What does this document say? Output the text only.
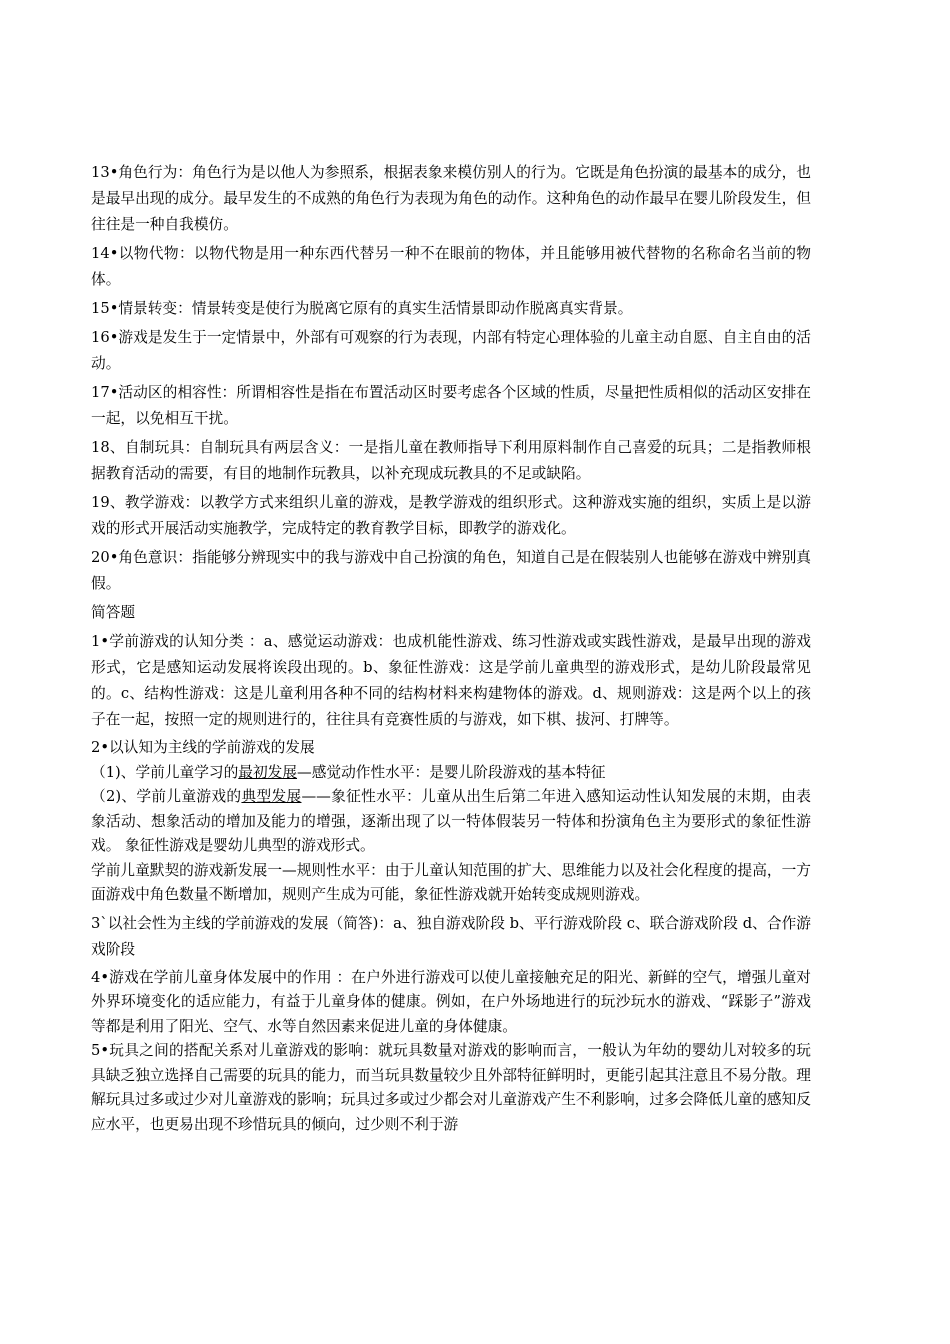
13•角色行为：角色行为是以他人为参照系，根据表象来模仿别人的行为。它既是角色扮演的最基本的成分，也是最早出现的成分。最早发生的不成熟的角色行为表现为角色的动作。这种角色的动作最早在婴儿阶段发生，但往往是一种自我模仿。

14•以物代物：以物代物是用一种东西代替另一种不在眼前的物体，并且能够用被代替物的名称命名当前的物体。

15•情景转变：情景转变是使行为脱离它原有的真实生活情景即动作脱离真实背景。

16•游戏是发生于一定情景中，外部有可观察的行为表现，内部有特定心理体验的儿童主动自愿、自主自由的活动。

17•活动区的相容性：所谓相容性是指在布置活动区时要考虑各个区域的性质，尽量把性质相似的活动区安排在一起，以免相互干扰。

18、自制玩具：自制玩具有两层含义：一是指儿童在教师指导下利用原料制作自己喜爱的玩具；二是指教师根据教育活动的需要，有目的地制作玩教具，以补充现成玩教具的不足或缺陷。

19、教学游戏：以教学方式来组织儿童的游戏，是教学游戏的组织形式。这种游戏实施的组织，实质上是以游戏的形式开展活动实施教学，完成特定的教育教学目标，即教学的游戏化。

20•角色意识：指能够分辨现实中的我与游戏中自己扮演的角色，知道自己是在假装别人也能够在游戏中辨别真假。

简答题

1•学前游戏的认知分类 ：a、感觉运动游戏：也成机能性游戏、练习性游戏或实践性游戏，是最早出现的游戏形式，它是感知运动发展将诶段出现的。b、象征性游戏：这是学前儿童典型的游戏形式，是幼儿阶段最常见的。c、结构性游戏：这是儿童利用各种不同的结构材料来构建物体的游戏。d、规则游戏：这是两个以上的孩子在一起，按照一定的规则进行的，往往具有竞赛性质的与游戏，如下棋、拔河、打牌等。

2•以认知为主线的学前游戏的发展

（1)、学前儿童学习的最初发展—感觉动作性水平：是婴儿阶段游戏的基本特征

（2)、学前儿童游戏的典型发展——象征性水平：儿童从出生后第二年进入感知运动性认知发展的末期，由表象活动、想象活动的增加及能力的增强，逐渐出现了以一特体假装另一特体和扮演角色主为要形式的象征性游戏。 象征性游戏是婴幼儿典型的游戏形式。

学前儿童默契的游戏新发展一—规则性水平：由于儿童认知范围的扩大、思维能力以及社会化程度的提高，一方面游戏中角色数量不断增加，规则产生成为可能，象征性游戏就开始转变成规则游戏。

3`以社会性为主线的学前游戏的发展（简答)：a、独自游戏阶段 b、平行游戏阶段 c、联合游戏阶段 d、合作游戏阶段

4•游戏在学前儿童身体发展中的作用 ：在户外进行游戏可以使儿童接触充足的阳光、新鲜的空气，增强儿童对外界环境变化的适应能力，有益于儿童身体的健康。例如，在户外场地进行的玩沙玩水的游戏、“踩影子”游戏等都是利用了阳光、空气、水等自然因素来促进儿童的身体健康。

5•玩具之间的搭配关系对儿童游戏的影响：就玩具数量对游戏的影响而言，一般认为年幼的婴幼儿对较多的玩具缺乏独立选择自己需要的玩具的能力，而当玩具数量较少且外部特征鲜明时，更能引起其注意且不易分散。理解玩具过多或过少对儿童游戏的影响；玩具过多或过少都会对儿童游戏产生不利影响，过多会降低儿童的感知反应水平，也更易出现不珍惜玩具的倾向，过少则不利于游
